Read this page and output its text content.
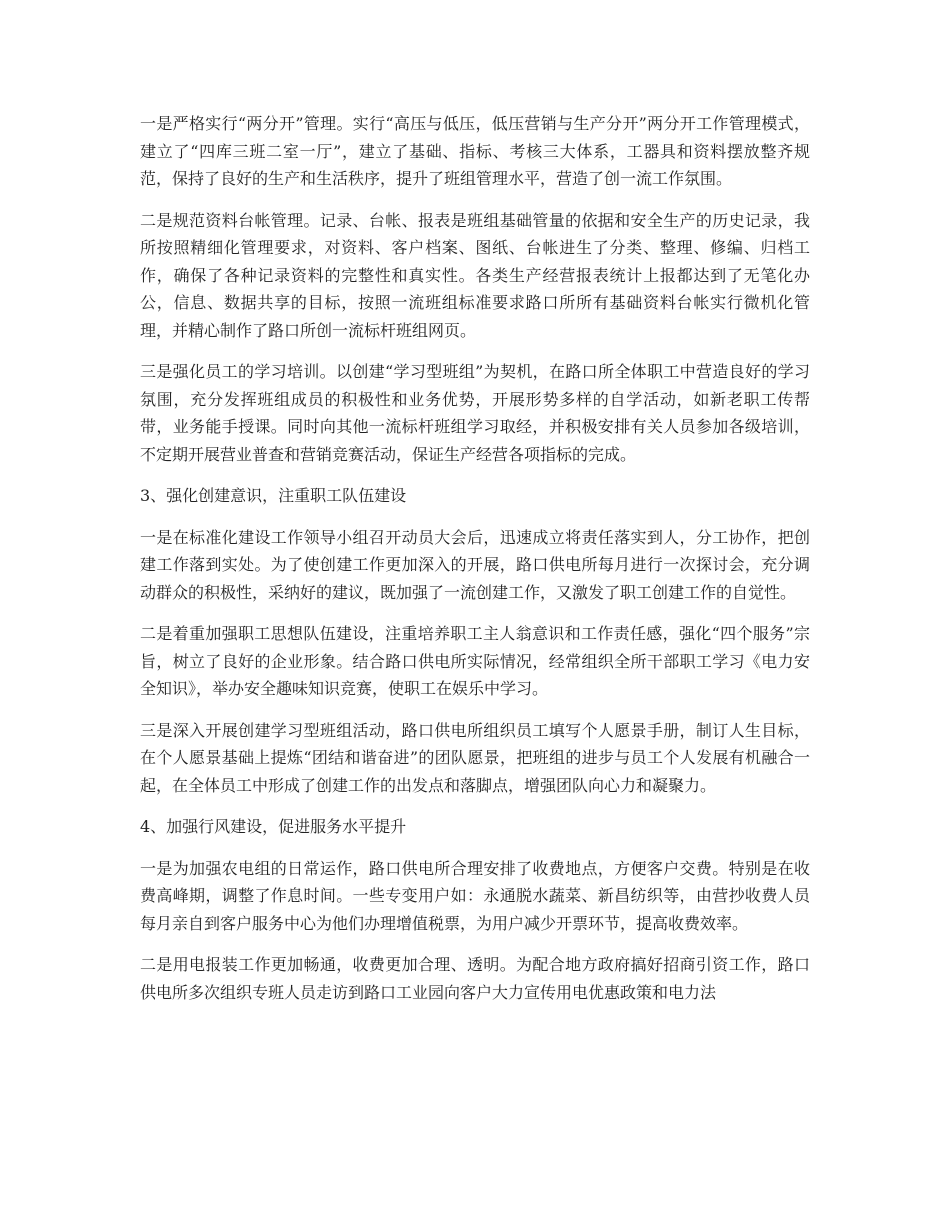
一是严格实行“两分开”管理。实行“高压与低压，低压营销与生产分开”两分开工作管理模式，建立了“四库三班二室一厅”，建立了基础、指标、考核三大体系，工器具和资料摆放整齐规范，保持了良好的生产和生活秩序，提升了班组管理水平，营造了创一流工作氛围。

二是规范资料台帐管理。记录、台帐、报表是班组基础管量的依据和安全生产的历史记录，我所按照精细化管理要求，对资料、客户档案、图纸、台帐进生了分类、整理、修编、归档工作，确保了各种记录资料的完整性和真实性。各类生产经营报表统计上报都达到了无笔化办公，信息、数据共享的目标，按照一流班组标准要求路口所所有基础资料台帐实行微机化管理，并精心制作了路口所创一流标杆班组网页。

三是强化员工的学习培训。以创建“学习型班组”为契机，在路口所全体职工中营造良好的学习氛围，充分发挥班组成员的积极性和业务优势，开展形势多样的自学活动，如新老职工传帮带，业务能手授课。同时向其他一流标杆班组学习取经，并积极安排有关人员参加各级培训，不定期开展营业普查和营销竞赛活动，保证生产经营各项指标的完成。

3、强化创建意识，注重职工队伍建设

一是在标准化建设工作领导小组召开动员大会后，迅速成立将责任落实到人，分工协作，把创建工作落到实处。为了使创建工作更加深入的开展，路口供电所每月进行一次探讨会，充分调动群众的积极性，采纳好的建议，既加强了一流创建工作，又激发了职工创建工作的自觉性。

二是着重加强职工思想队伍建设，注重培养职工主人翁意识和工作责任感，强化“四个服务”宗旨，树立了良好的企业形象。结合路口供电所实际情况，经常组织全所干部职工学习《电力安全知识》，举办安全趣味知识竞赛，使职工在娱乐中学习。

三是深入开展创建学习型班组活动，路口供电所组织员工填写个人愿景手册，制订人生目标，在个人愿景基础上提炼“团结和谐奋进”的团队愿景，把班组的进步与员工个人发展有机融合一起，在全体员工中形成了创建工作的出发点和落脚点，增强团队向心力和凝聚力。

4、加强行风建设，促进服务水平提升

一是为加强农电组的日常运作，路口供电所合理安排了收费地点，方便客户交费。特别是在收费高峰期，调整了作息时间。一些专变用户如：永通脱水蔬菜、新昌纺织等，由营抄收费人员每月亲自到客户服务中心为他们办理增值税票，为用户减少开票环节，提高收费效率。

二是用电报装工作更加畅通，收费更加合理、透明。为配合地方政府搞好招商引资工作，路口供电所多次组织专班人员走访到路口工业园向客户大力宣传用电优惠政策和电力法
